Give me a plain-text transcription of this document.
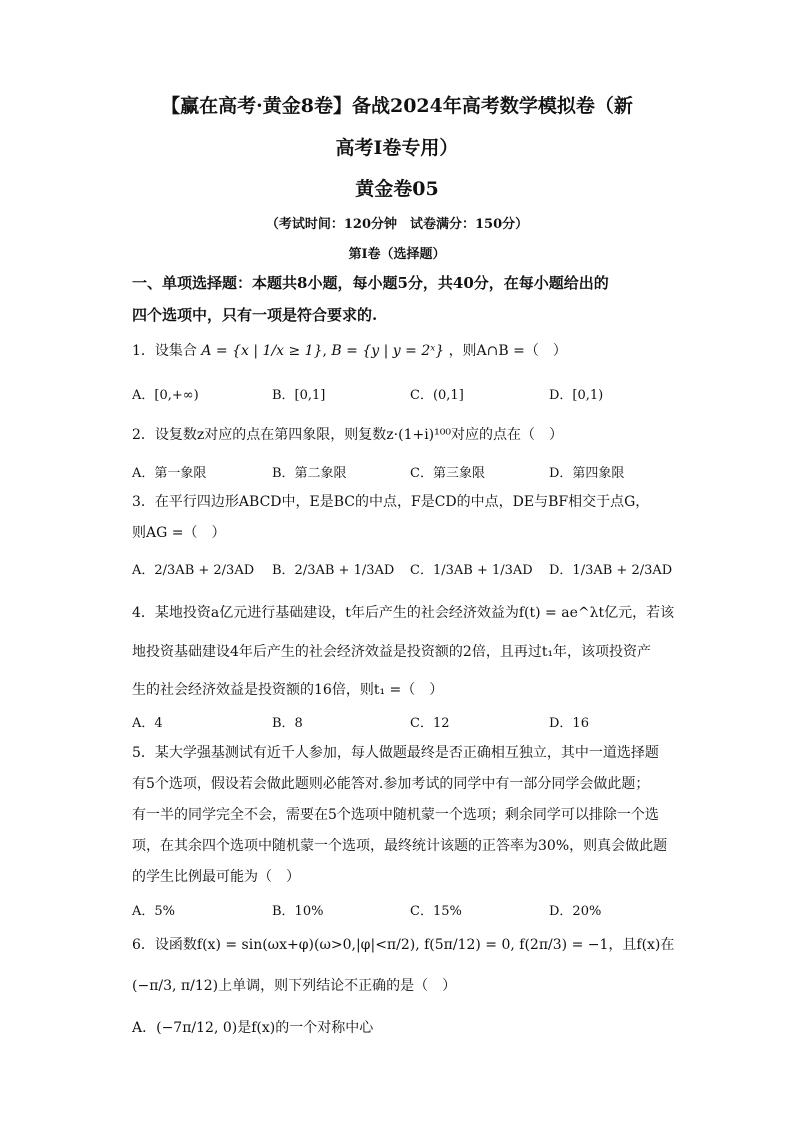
【赢在高考·黄金8卷】备战2024年高考数学模拟卷（新
高考Ⅰ卷专用）
黄金卷05
（考试时间：120分钟　试卷满分：150分）
第Ⅰ卷（选择题）
一、单项选择题：本题共8小题，每小题5分，共40分，在每小题给出的
四个选项中，只有一项是符合要求的.
1．设集合 A = {x | 1/x ≥ 1}, B = {y | y = 2ˣ} ，则A∩B =（　）
A．[0,+∞)	B．[0,1]	C．(0,1]	D．[0,1)
2．设复数z对应的点在第四象限，则复数z·(1+i)¹⁰⁰对应的点在（　）
A．第一象限	B．第二象限	C．第三象限	D．第四象限
3．在平行四边形ABCD中，E是BC的中点，F是CD的中点，DE与BF相交于点G，
则AG =（　）
A．2/3AB + 2/3AD B．2/3AB + 1/3AD C．1/3AB + 1/3AD D．1/3AB + 2/3AD
4．某地投资a亿元进行基础建设，t年后产生的社会经济效益为f(t) = ae^λt亿元，若该
地投资基础建设4年后产生的社会经济效益是投资额的2倍，且再过t₁年，该项投资产
生的社会经济效益是投资额的16倍，则t₁ =（　）
A．4	B．8	C．12	D．16
5．某大学强基测试有近千人参加，每人做题最终是否正确相互独立，其中一道选择题
有5个选项，假设若会做此题则必能答对.参加考试的同学中有一部分同学会做此题；
有一半的同学完全不会，需要在5个选项中随机蒙一个选项；剩余同学可以排除一个选
项，在其余四个选项中随机蒙一个选项，最终统计该题的正答率为30%，则真会做此题
的学生比例最可能为（　）
A．5%	B．10%	C．15%	D．20%
6．设函数f(x) = sin(ωx+φ)(ω>0,|φ|<π/2), f(5π/12) = 0, f(2π/3) = −1，且f(x)在
(−π/3, π/12)上单调，则下列结论不正确的是（　）
A．(−7π/12, 0)是f(x)的一个对称中心
